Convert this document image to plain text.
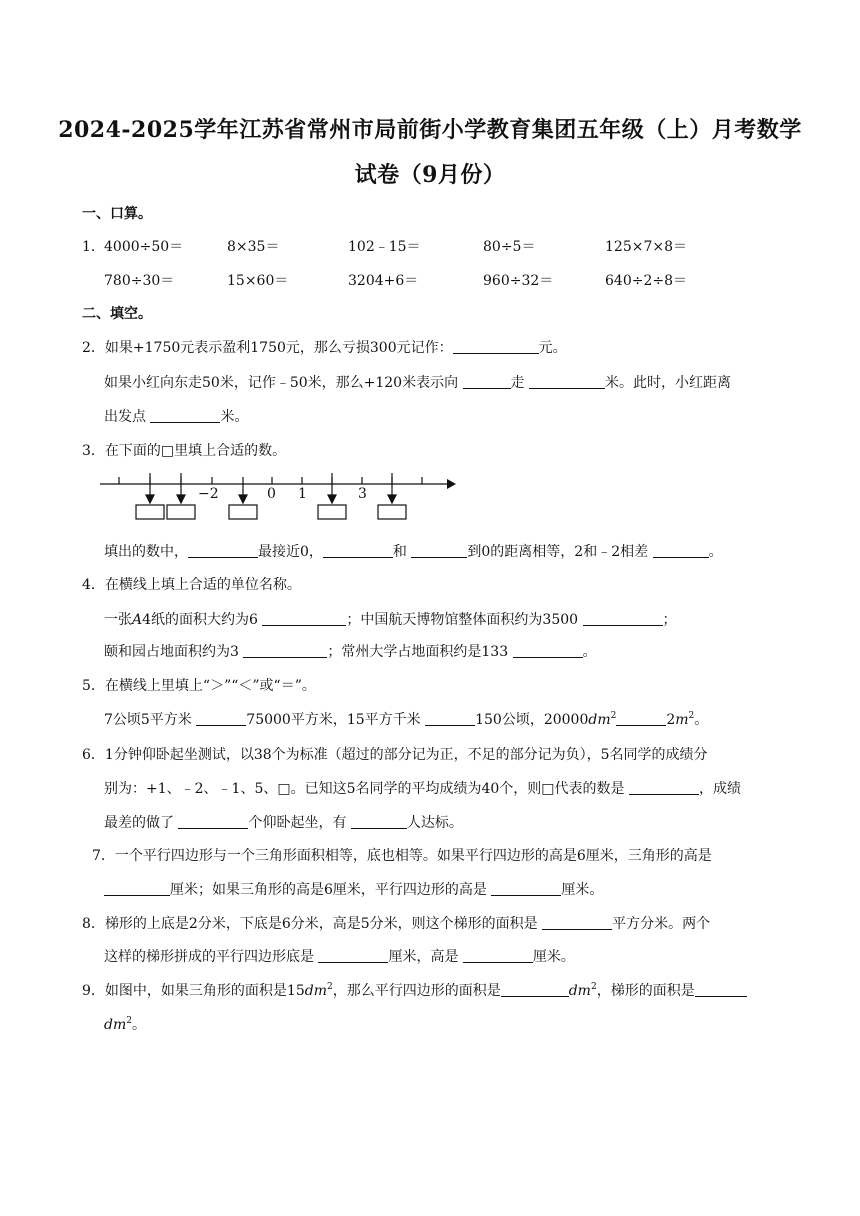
2024-2025学年江苏省常州市局前街小学教育集团五年级（上）月考数学
试卷（9月份）
一、口算。
1． 4000÷50＝	8×35＝	102﹣15＝	80÷5＝	125×7×8＝
780÷30＝	15×60＝	3204+6＝	960÷32＝	640÷2÷8＝
二、填空。
2．如果+1750元表示盈利1750元，那么亏损300元记作：	元。
如果小红向东走50米，记作﹣50米，那么+120米表示向	走	米。此时，小红距离
出发点	米。
3．在下面的□里填上合适的数。
−2	0 1	3
填出的数中，	最接近0，	和	到0的距离相等，2和﹣2相差	。
4．在横线上填上合适的单位名称。
一张A4纸的面积大约为6	；中国航天博物馆整体面积约为3500	；
颐和园占地面积约为3	；常州大学占地面积约是133	。
5．在横线上里填上“＞”“＜”或“＝”。
7公顷5平方米	75000平方米，15平方千米	150公顷，$20000dm^2$	$2m^2$。
6．1分钟仰卧起坐测试，以38个为标准（超过的部分记为正，不足的部分记为负），5名同学的成绩分
别为：+1、﹣2、﹣1、5、□。已知这5名同学的平均成绩为40个，则□代表的数是	，成绩
最差的做了	个仰卧起坐，有	人达标。
7．一个平行四边形与一个三角形面积相等，底也相等。如果平行四边形的高是6厘米，三角形的高是
厘米；如果三角形的高是6厘米，平行四边形的高是	厘米。
8．梯形的上底是2分米，下底是6分米，高是5分米，则这个梯形的面积是	平方分米。两个
这样的梯形拼成的平行四边形底是	厘米，高是	厘米。
9．如图中，如果三角形的面积是$15dm^2$，那么平行四边形的面积是	$dm^2$，梯形的面积是
$dm^2$。
